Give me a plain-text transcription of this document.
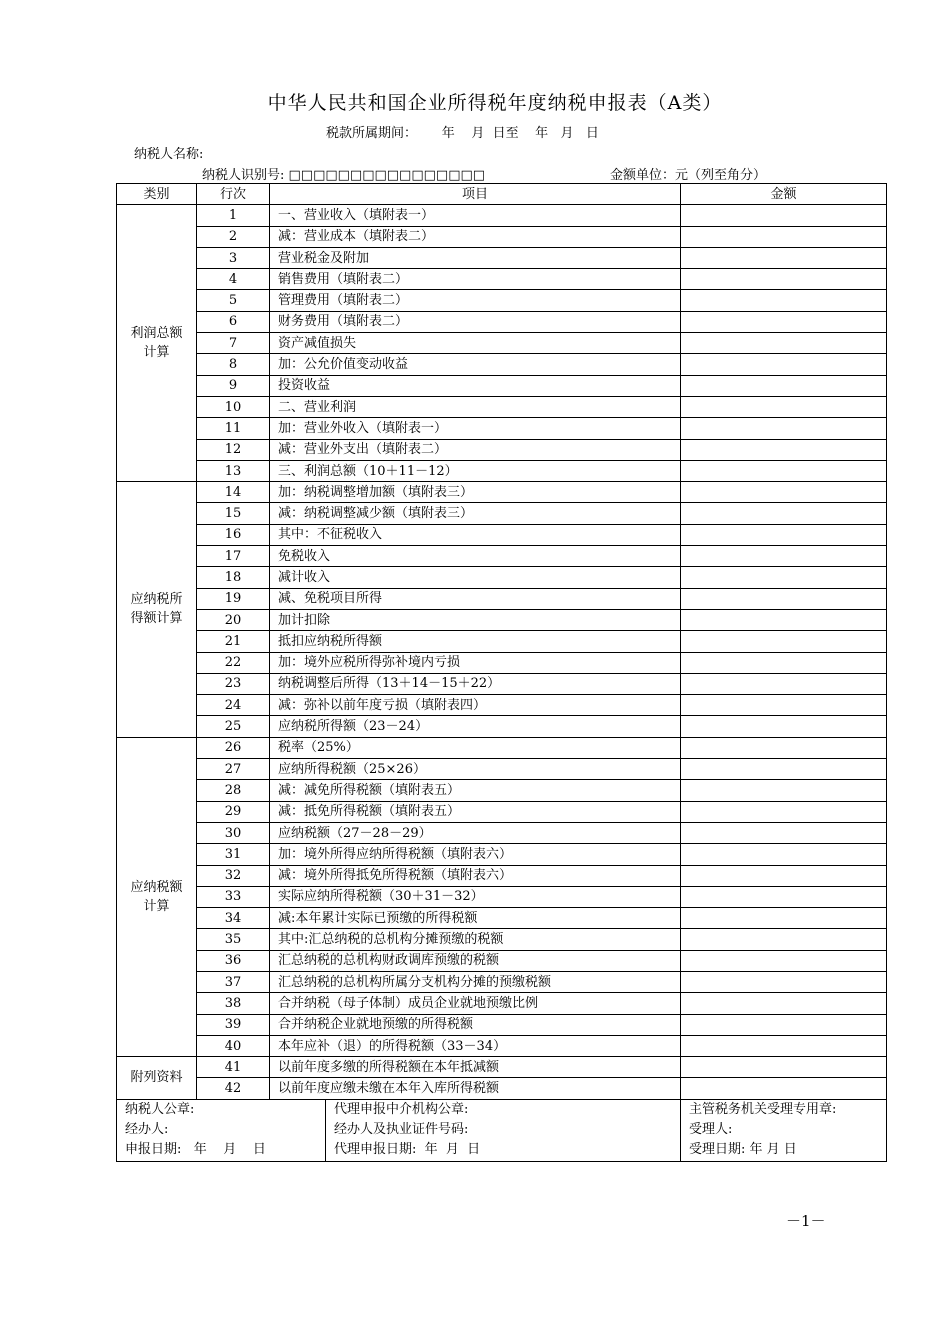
中华人民共和国企业所得税年度纳税申报表（A类）
税款所属期间：      年    月  日至    年   月   日
纳税人名称:
纳税人识别号: □□□□□□□□□□□□□□□□	金额单位：元（列至角分）
类别	行次	项目	金额
利润总额计算	1	一、营业收入（填附表一）	
	2	减：营业成本（填附表二）	
	3	营业税金及附加	
	4	销售费用（填附表二）	
	5	管理费用（填附表二）	
	6	财务费用（填附表二）	
	7	资产减值损失	
	8	加：公允价值变动收益	
	9	投资收益	
	10	二、营业利润	
	11	加：营业外收入（填附表一）	
	12	减：营业外支出（填附表二）	
	13	三、利润总额（10＋11－12）	
应纳税所得额计算	14	加：纳税调整增加额（填附表三）	
	15	减：纳税调整减少额（填附表三）	
	16	其中：不征税收入	
	17	免税收入	
	18	减计收入	
	19	减、免税项目所得	
	20	加计扣除	
	21	抵扣应纳税所得额	
	22	加：境外应税所得弥补境内亏损	
	23	纳税调整后所得（13＋14－15＋22）	
	24	减：弥补以前年度亏损（填附表四）	
	25	应纳税所得额（23－24）	
应纳税额计算	26	税率（25%）	
	27	应纳所得税额（25×26）	
	28	减：减免所得税额（填附表五）	
	29	减：抵免所得税额（填附表五）	
	30	应纳税额（27－28－29）	
	31	加：境外所得应纳所得税额（填附表六）	
	32	减：境外所得抵免所得税额（填附表六）	
	33	实际应纳所得税额（30＋31－32）	
	34	减:本年累计实际已预缴的所得税额	
	35	其中:汇总纳税的总机构分摊预缴的税额	
	36	汇总纳税的总机构财政调库预缴的税额	
	37	汇总纳税的总机构所属分支机构分摊的预缴税额	
	38	合并纳税（母子体制）成员企业就地预缴比例	
	39	合并纳税企业就地预缴的所得税额	
	40	本年应补（退）的所得税额（33－34）	
附列资料	41	以前年度多缴的所得税额在本年抵减额	
	42	以前年度应缴未缴在本年入库所得税额	
纳税人公章:
经办人:
申报日期:   年    月    日

代理申报中介机构公章:
经办人及执业证件号码:
代理申报日期:  年  月  日

主管税务机关受理专用章:
受理人:
受理日期: 年 月 日
－1－
